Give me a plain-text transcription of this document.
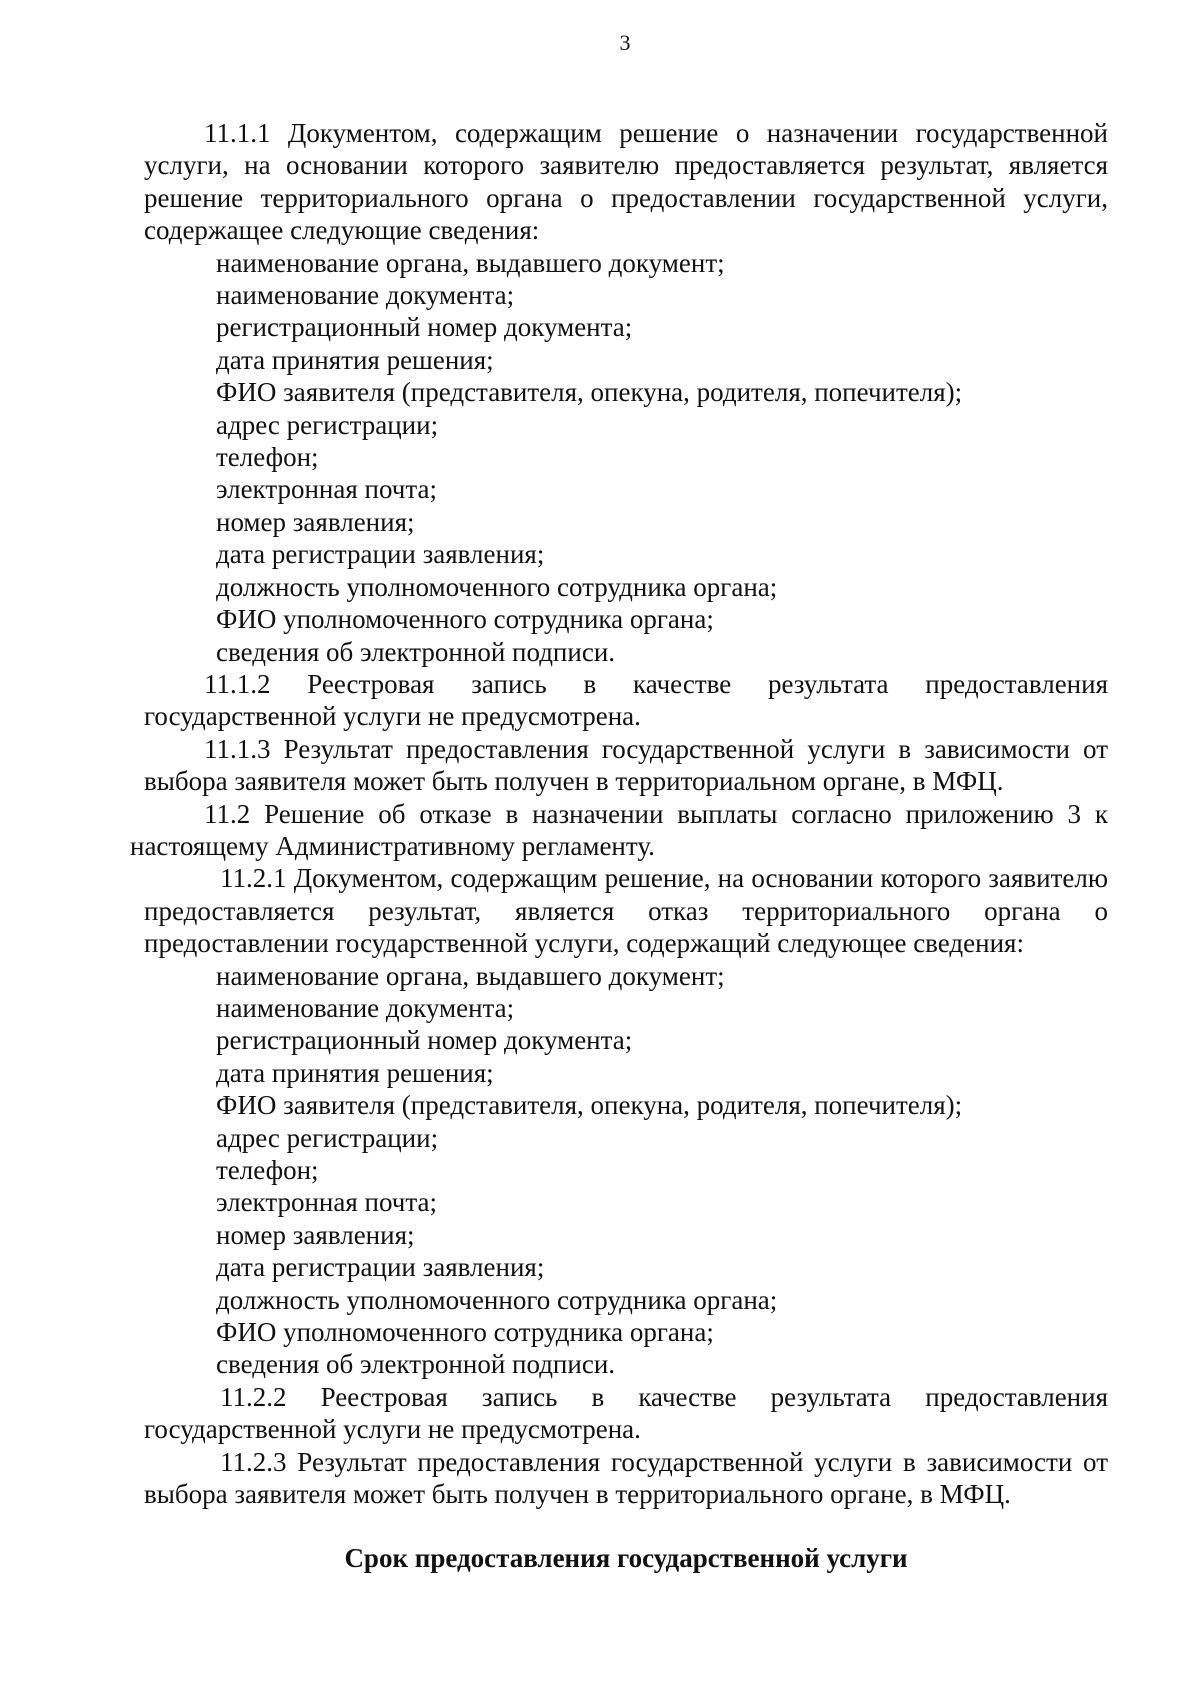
3

11.1.1 Документом, содержащим решение о назначении государственной услуги, на основании которого заявителю предоставляется результат, является решение территориального органа о предоставлении государственной услуги, содержащее следующие сведения:

наименование органа, выдавшего документ;
наименование документа;
регистрационный номер документа;
дата принятия решения;
ФИО заявителя (представителя, опекуна, родителя, попечителя);
адрес регистрации;
телефон;
электронная почта;
номер заявления;
дата регистрации заявления;
должность уполномоченного сотрудника органа;
ФИО уполномоченного сотрудника органа;
сведения об электронной подписи.

11.1.2 Реестровая запись в качестве результата предоставления государственной услуги не предусмотрена.

11.1.3 Результат предоставления государственной услуги в зависимости от выбора заявителя может быть получен в территориальном органе, в МФЦ.

11.2 Решение об отказе в назначении выплаты согласно приложению 3 к настоящему Административному регламенту.

11.2.1 Документом, содержащим решение, на основании которого заявителю предоставляется результат, является отказ территориального органа о предоставлении государственной услуги, содержащий следующее сведения:

наименование органа, выдавшего документ;
наименование документа;
регистрационный номер документа;
дата принятия решения;
ФИО заявителя (представителя, опекуна, родителя, попечителя);
адрес регистрации;
телефон;
электронная почта;
номер заявления;
дата регистрации заявления;
должность уполномоченного сотрудника органа;
ФИО уполномоченного сотрудника органа;
сведения об электронной подписи.

11.2.2 Реестровая запись в качестве результата предоставления государственной услуги не предусмотрена.

11.2.3 Результат предоставления государственной услуги в зависимости от выбора заявителя может быть получен в территориального органе, в МФЦ.

Срок предоставления государственной услуги
